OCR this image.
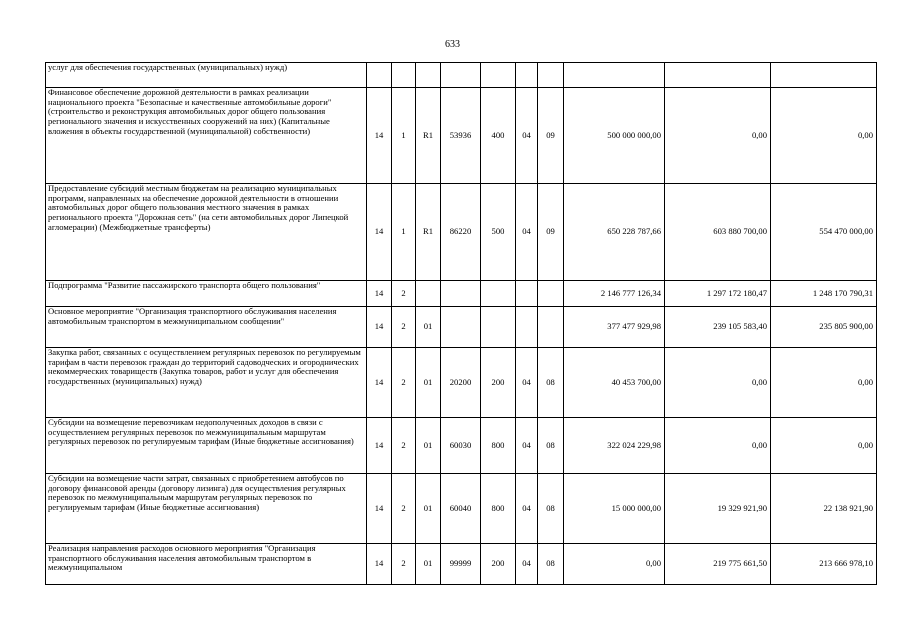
633
услуг для обеспечения государственных (муниципальных) нужд)										
Финансовое обеспечение дорожной деятельности в рамках реализации национального проекта "Безопасные и качественные автомобильные дороги" (строительство и реконструкция автомобильных дорог общего пользования регионального значения и искусственных сооружений на них) (Капитальные вложения в объекты государственной (муниципальной) собственности)	14	1	R1	53936	400	04	09	500 000 000,00	0,00	0,00
Предоставление субсидий местным бюджетам на реализацию муниципальных программ, направленных на обеспечение дорожной деятельности в отношении автомобильных дорог общего пользования местного значения в рамках регионального проекта "Дорожная сеть" (на сети автомобильных дорог Липецкой агломерации) (Межбюджетные трансферты)	14	1	R1	86220	500	04	09	650 228 787,66	603 880 700,00	554 470 000,00
Подпрограмма "Развитие пассажирского транспорта общего пользования"	14	2						2 146 777 126,34	1 297 172 180,47	1 248 170 790,31
Основное мероприятие "Организация транспортного обслуживания населения автомобильным транспортом в межмуниципальном сообщении"	14	2	01					377 477 929,98	239 105 583,40	235 805 900,00
Закупка работ, связанных с осуществлением регулярных перевозок по регулируемым тарифам в части перевозок граждан до территорий садоводческих и огороднических некоммерческих товариществ (Закупка товаров, работ и услуг для обеспечения государственных (муниципальных) нужд)	14	2	01	20200	200	04	08	40 453 700,00	0,00	0,00
Субсидии на возмещение перевозчикам недополученных доходов в связи с осуществлением регулярных перевозок по межмуниципальным маршрутам регулярных перевозок по регулируемым тарифам (Иные бюджетные ассигнования)	14	2	01	60030	800	04	08	322 024 229,98	0,00	0,00
Субсидии на возмещение части затрат, связанных с приобретением автобусов по договору финансовой аренды (договору лизинга) для осуществления регулярных перевозок по межмуниципальным маршрутам регулярных перевозок по регулируемым тарифам (Иные бюджетные ассигнования)	14	2	01	60040	800	04	08	15 000 000,00	19 329 921,90	22 138 921,90
Реализация направления расходов основного мероприятия "Организация транспортного обслуживания населения автомобильным транспортом в межмуниципальном	14	2	01	99999	200	04	08	0,00	219 775 661,50	213 666 978,10
